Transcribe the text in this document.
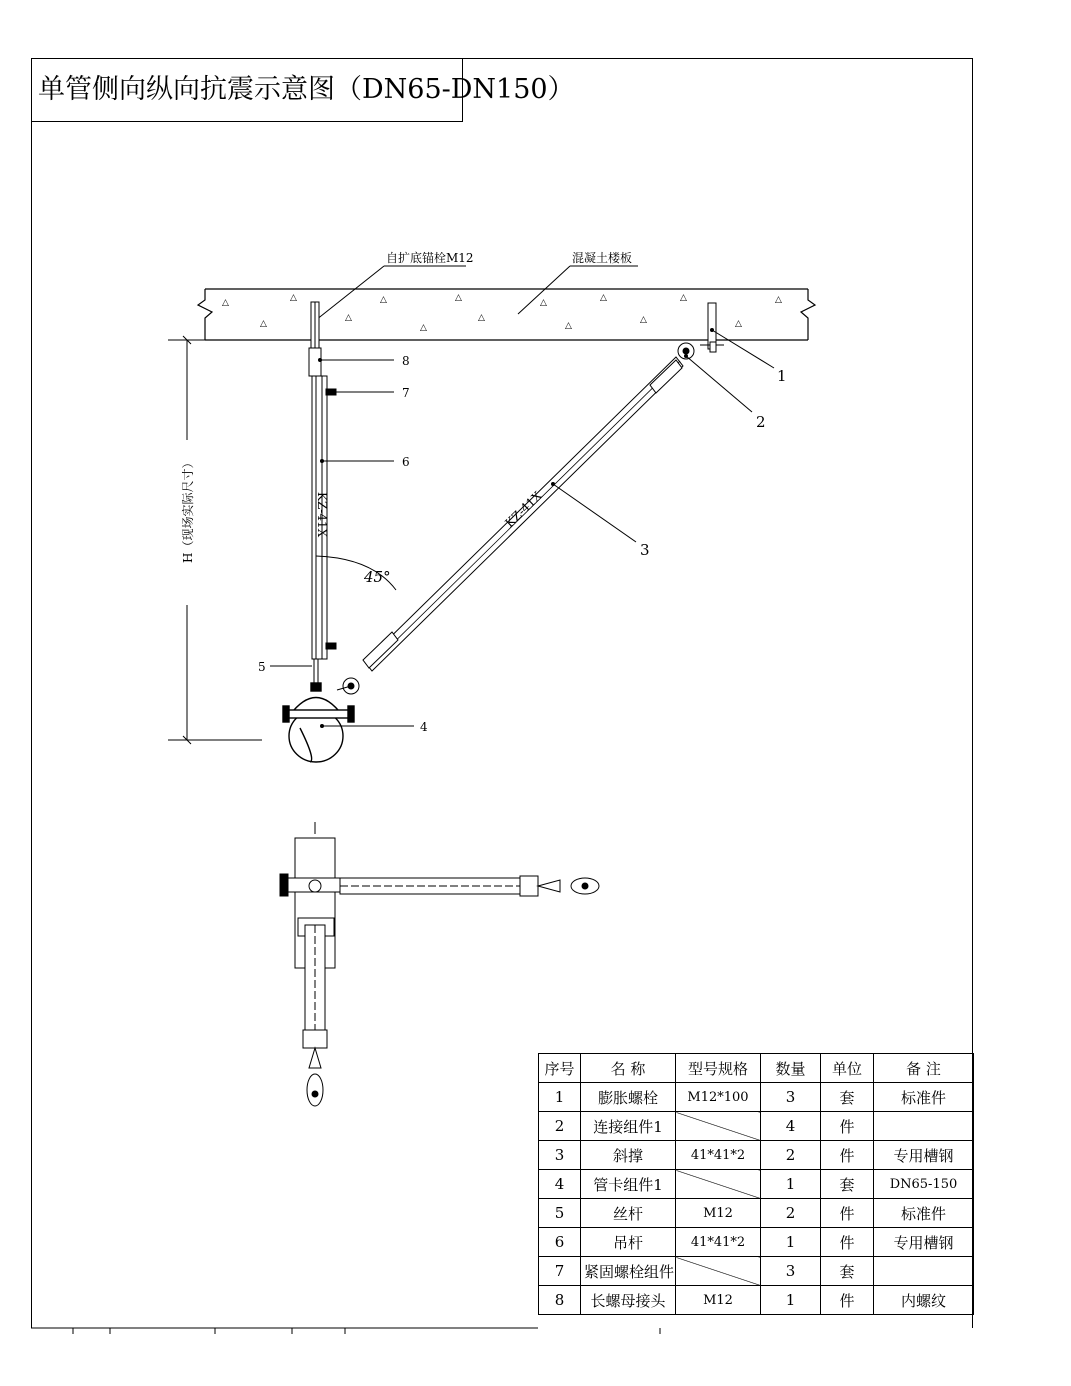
单管侧向纵向抗震示意图（DN65-DN150）
△
△
△
△
△
△
△
△
△
△
△
△
△
△
△
自扩底锚栓M12	混凝土楼板
H（现场实际尺寸）	KZ-41X	KZ-41X
45°
1
2
3
4
5
6
7
8
序号	名 称	型号规格	数量	单位	备 注
1	膨胀螺栓	M12*100	3	套	标准件
2	连接组件1		4	件	
3	斜撑	41*41*2	2	件	专用槽钢
4	管卡组件1		1	套	DN65-150
5	丝杆	M12	2	件	标准件
6	吊杆	41*41*2	1	件	专用槽钢
7	紧固螺栓组件		3	套	
8	长螺母接头	M12	1	件	内螺纹
